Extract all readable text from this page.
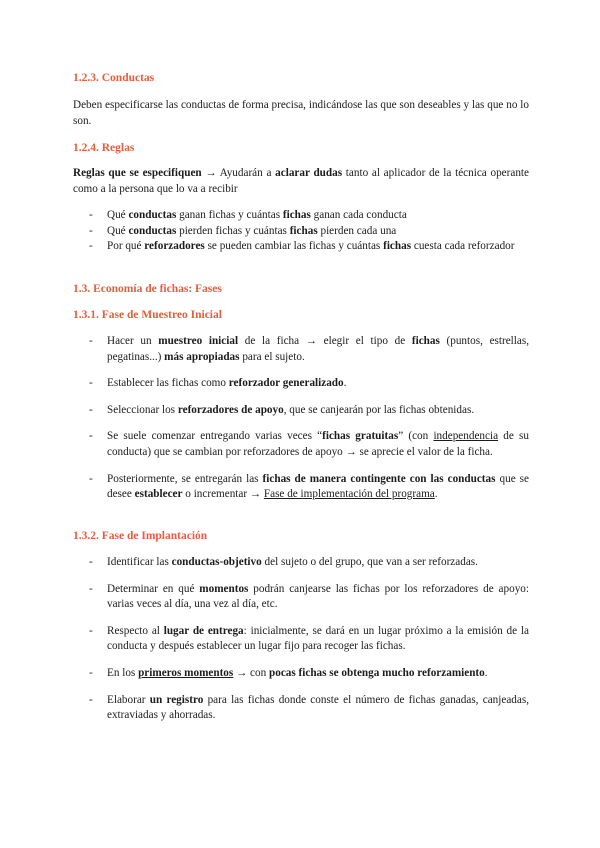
1.2.3. Conductas

Deben especificarse las conductas de forma precisa, indicándose las que son deseables y las que no lo son.

1.2.4. Reglas

Reglas que se especifiquen → Ayudarán a aclarar dudas tanto al aplicador de la técnica operante como a la persona que lo va a recibir

- Qué conductas ganan fichas y cuántas fichas ganan cada conducta
- Qué conductas pierden fichas y cuántas fichas pierden cada una
- Por qué reforzadores se pueden cambiar las fichas y cuántas fichas cuesta cada reforzador
1.3. Economía de fichas: Fases
1.3.1. Fase de Muestreo Inicial
- Hacer un muestreo inicial de la ficha → elegir el tipo de fichas (puntos, estrellas, pegatinas...) más apropiadas para el sujeto.
- Establecer las fichas como reforzador generalizado.
- Seleccionar los reforzadores de apoyo, que se canjearán por las fichas obtenidas.
- Se suele comenzar entregando varias veces “fichas gratuitas” (con independencia de su conducta) que se cambian por reforzadores de apoyo → se aprecie el valor de la ficha.
- Posteriormente, se entregarán las fichas de manera contingente con las conductas que se desee establecer o incrementar → Fase de implementación del programa.
1.3.2. Fase de Implantación
- Identificar las conductas-objetivo del sujeto o del grupo, que van a ser reforzadas.
- Determinar en qué momentos podrán canjearse las fichas por los reforzadores de apoyo: varias veces al día, una vez al día, etc.
- Respecto al lugar de entrega: inicialmente, se dará en un lugar próximo a la emisión de la conducta y después establecer un lugar fijo para recoger las fichas.
- En los primeros momentos → con pocas fichas se obtenga mucho reforzamiento.
- Elaborar un registro para las fichas donde conste el número de fichas ganadas, canjeadas, extraviadas y ahorradas.
